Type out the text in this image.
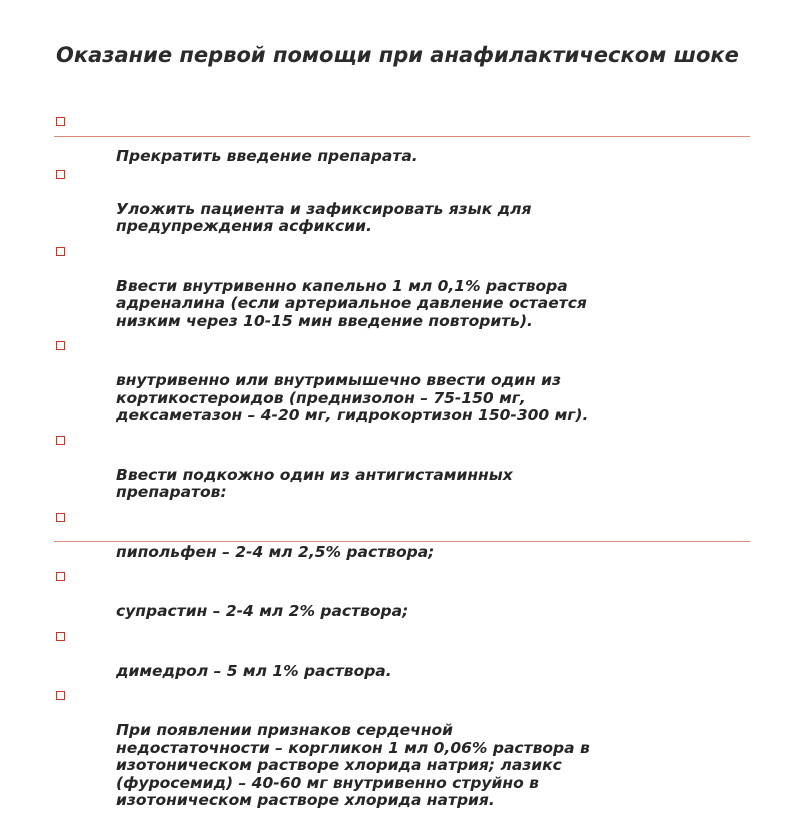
Оказание первой помощи при анафилактическом шоке

Прекратить введение препарата.

Уложить пациента и зафиксировать язык для
предупреждения асфиксии.

Ввести внутривенно капельно 1 мл 0,1% раствора
адреналина (если артериальное давление остается
низким через 10-15 мин введение повторить).

внутривенно или внутримышечно ввести один из
кортикостероидов (преднизолон – 75-150 мг,
дексаметазон – 4-20 мг, гидрокортизон 150-300 мг).

Ввести подкожно один из антигистаминных
препаратов:

пипольфен – 2-4 мл 2,5% раствора;

супрастин – 2-4 мл 2% раствора;

димедрол – 5 мл 1% раствора.

При появлении признаков сердечной
недостаточности – коргликон 1 мл 0,06% раствора в
изотоническом растворе хлорида натрия; лазикс
(фуросемид) – 40-60 мг внутривенно струйно в
изотоническом растворе хлорида натрия.
